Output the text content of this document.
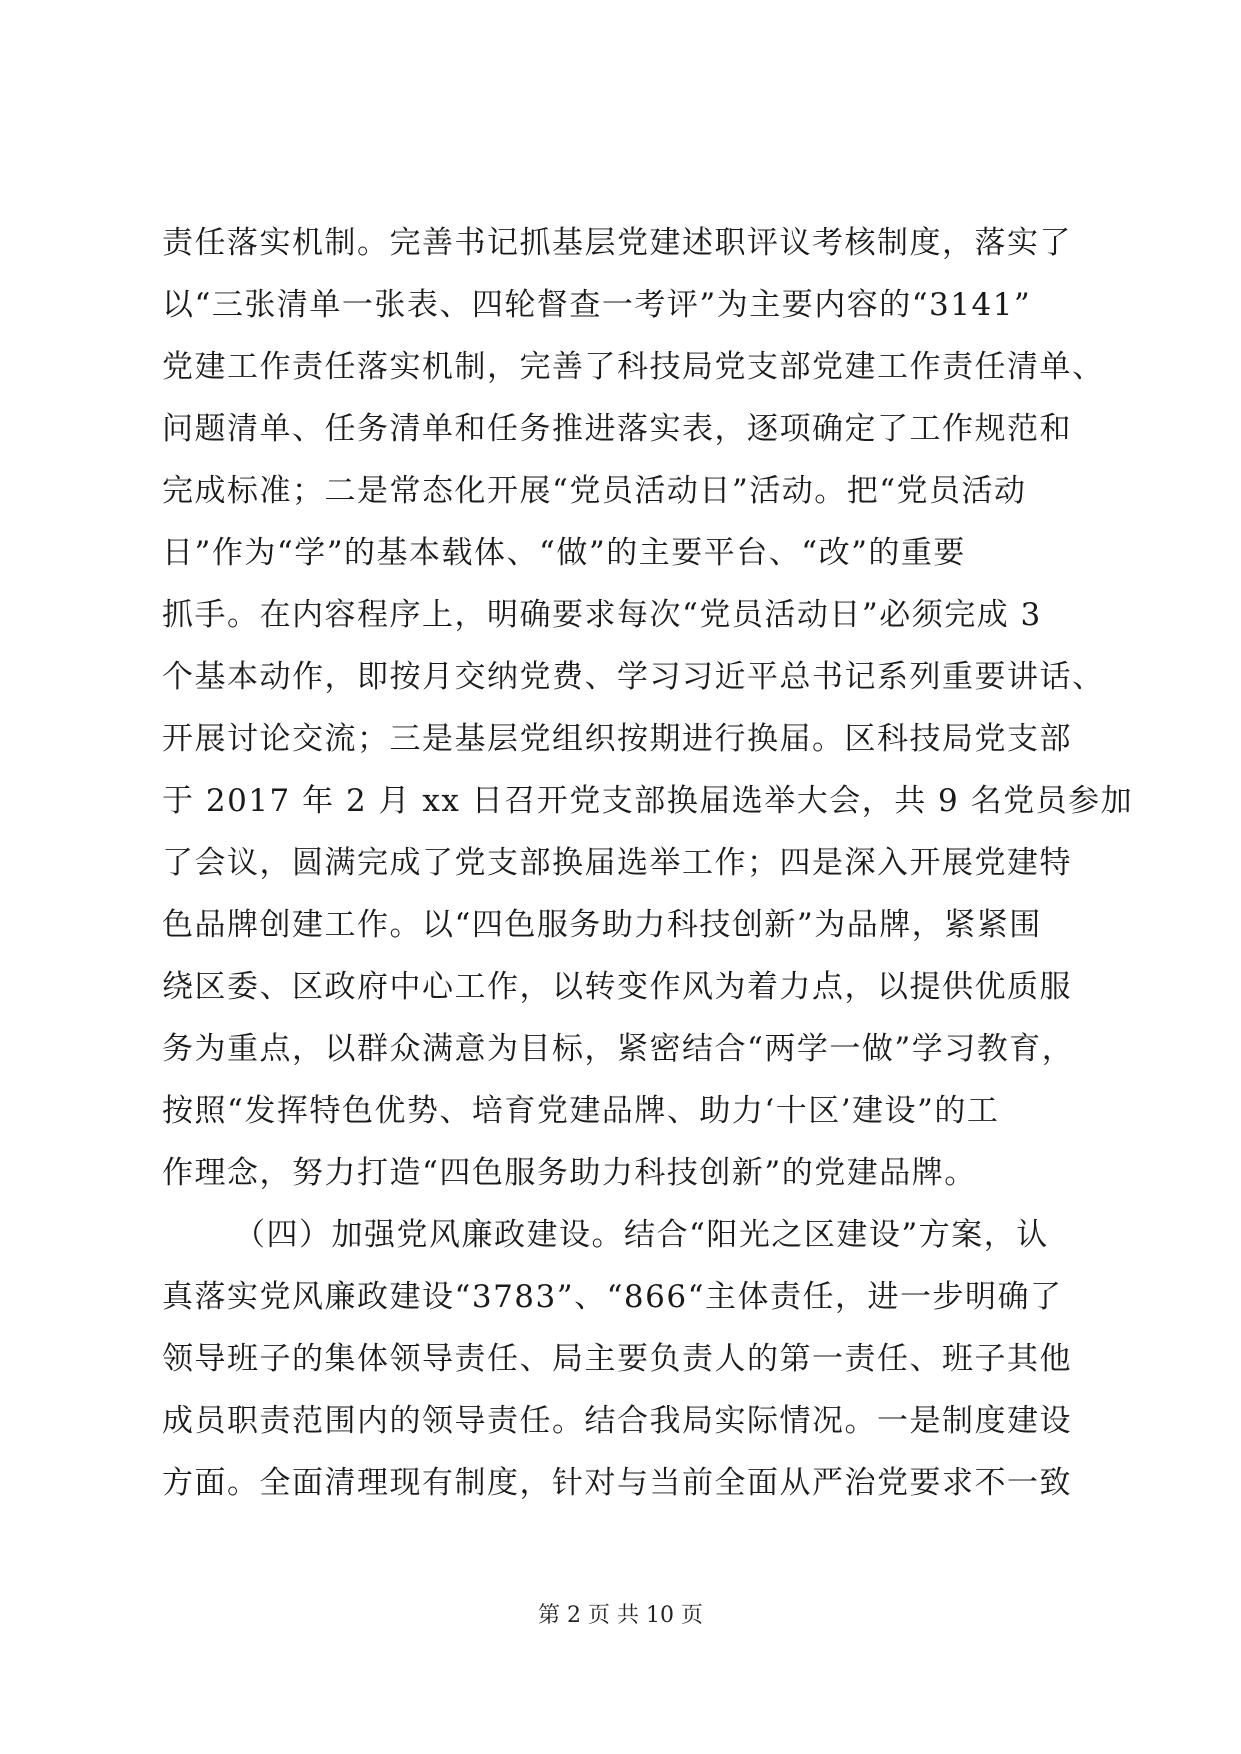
责任落实机制。完善书记抓基层党建述职评议考核制度，落实了
以“三张清单一张表、四轮督查一考评”为主要内容的“3141”
党建工作责任落实机制，完善了科技局党支部党建工作责任清单、
问题清单、任务清单和任务推进落实表，逐项确定了工作规范和
完成标准；二是常态化开展“党员活动日”活动。把“党员活动
日”作为“学”的基本载体、“做”的主要平台、“改”的重要
抓手。在内容程序上，明确要求每次“党员活动日”必须完成 3
个基本动作，即按月交纳党费、学习习近平总书记系列重要讲话、
开展讨论交流；三是基层党组织按期进行换届。区科技局党支部
于 2017 年 2 月 xx 日召开党支部换届选举大会，共 9 名党员参加
了会议，圆满完成了党支部换届选举工作；四是深入开展党建特
色品牌创建工作。以“四色服务助力科技创新”为品牌，紧紧围
绕区委、区政府中心工作，以转变作风为着力点，以提供优质服
务为重点，以群众满意为目标，紧密结合“两学一做”学习教育，
按照“发挥特色优势、培育党建品牌、助力‘十区’建设”的工
作理念，努力打造“四色服务助力科技创新”的党建品牌。
（四）加强党风廉政建设。结合“阳光之区建设”方案，认
真落实党风廉政建设“3783”、“866“主体责任，进一步明确了
领导班子的集体领导责任、局主要负责人的第一责任、班子其他
成员职责范围内的领导责任。结合我局实际情况。一是制度建设
方面。全面清理现有制度，针对与当前全面从严治党要求不一致
第 2 页 共 10 页
